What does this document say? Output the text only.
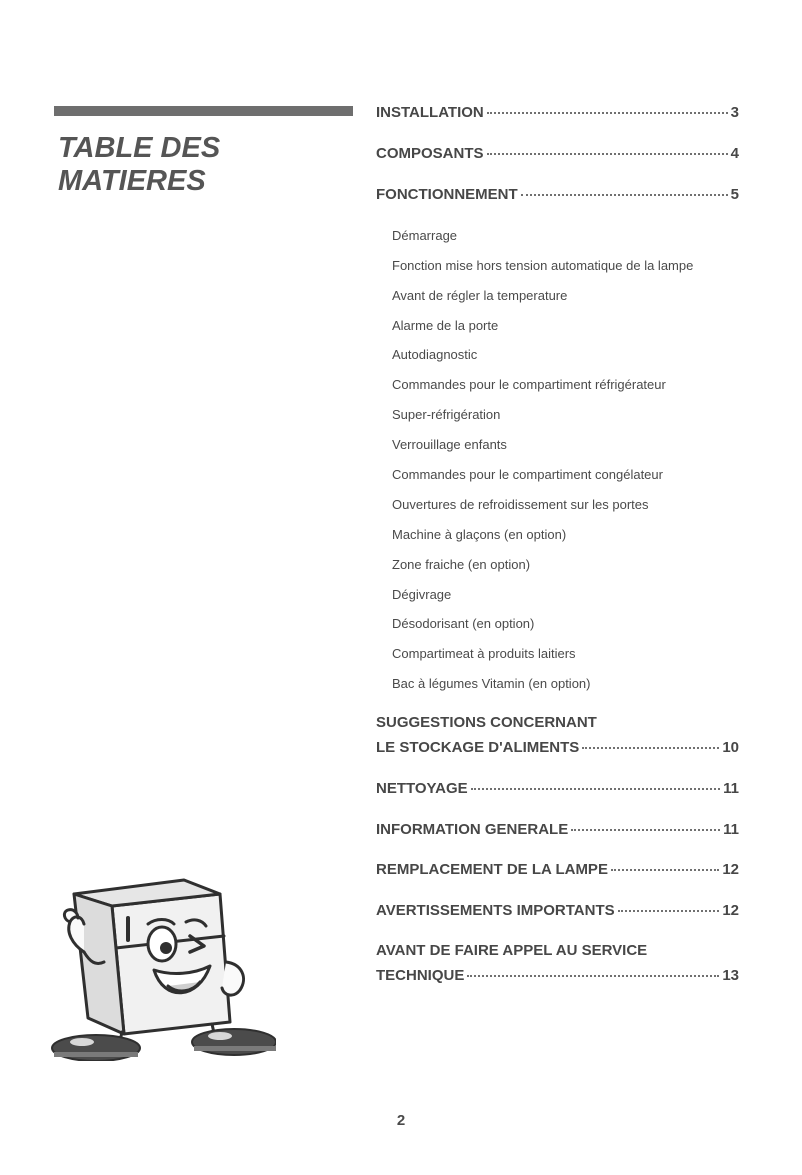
TABLE DES
MATIERES
INSTALLATION	3
COMPOSANTS	4
FONCTIONNEMENT	5
Démarrage
Fonction mise hors tension automatique de la lampe
Avant de régler la temperature
Alarme de la porte
Autodiagnostic
Commandes pour le compartiment réfrigérateur
Super-réfrigération
Verrouillage enfants
Commandes pour le compartiment congélateur
Ouvertures de refroidissement sur les portes
Machine à glaçons (en option)
Zone fraiche (en option)
Dégivrage
Désodorisant (en option)
Compartimeat à produits laitiers
Bac à légumes Vitamin (en option)
SUGGESTIONS CONCERNANT
LE STOCKAGE D'ALIMENTS	10
NETTOYAGE	11
INFORMATION GENERALE	11
REMPLACEMENT DE LA LAMPE	12
AVERTISSEMENTS IMPORTANTS	12
AVANT DE FAIRE APPEL AU SERVICE
TECHNIQUE	13
2
